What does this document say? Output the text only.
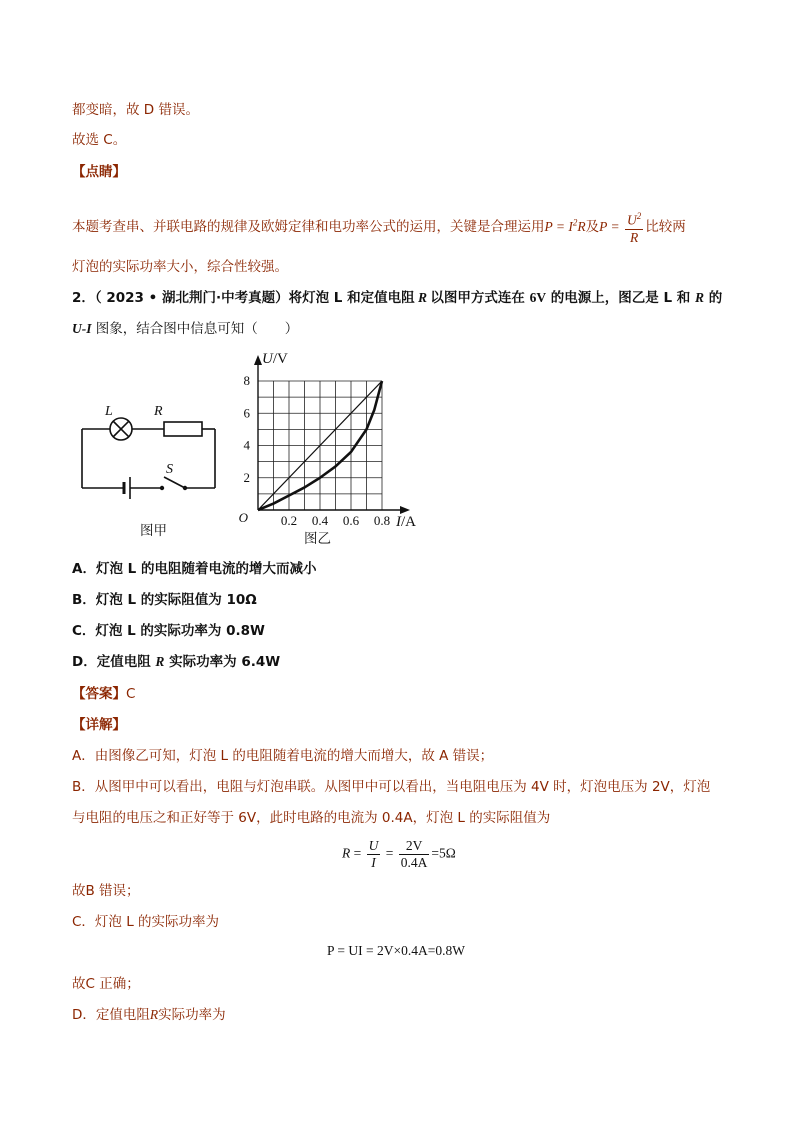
都变暗，故 D 错误。
故选 C。
【点睛】
本题考查串、并联电路的规律及欧姆定律和电功率公式的运用，关键是合理运用$P = I^2R$及$P = \frac{U^2}{R}$ 比较两
灯泡的实际功率大小，综合性较强。
2．（ 2023 • 湖北荆门·中考真题）将灯泡 L 和定值电阻 R 以图甲方式连在 6V 的电源上，图乙是 L 和 R 的
U-I 图象，结合图中信息可知（　　）
L	R
S
图甲
0.2 0.4 0.6 0.8
2
4
6
8
O
U/V
I/A
图乙
A．灯泡 L 的电阻随着电流的增大而减小
B．灯泡 L 的实际阻值为 10Ω
C．灯泡 L 的实际功率为 0.8W
D．定值电阻 R 实际功率为 6.4W
【答案】C
【详解】
A．由图像乙可知，灯泡 L 的电阻随着电流的增大而增大，故 A 错误；
B．从图甲中可以看出，电阻与灯泡串联。从图甲中可以看出，当电阻电压为 4V 时，灯泡电压为 2V，灯泡
与电阻的电压之和正好等于 6V，此时电路的电流为 0.4A，灯泡 L 的实际阻值为
$R = \frac{U}{I} = \frac{2V}{0.4A} =5\Omega$
故B 错误；
C．灯泡 L 的实际功率为
P = UI = 2V×0.4A=0.8W
故C 正确；
D．定值电阻R实际功率为
